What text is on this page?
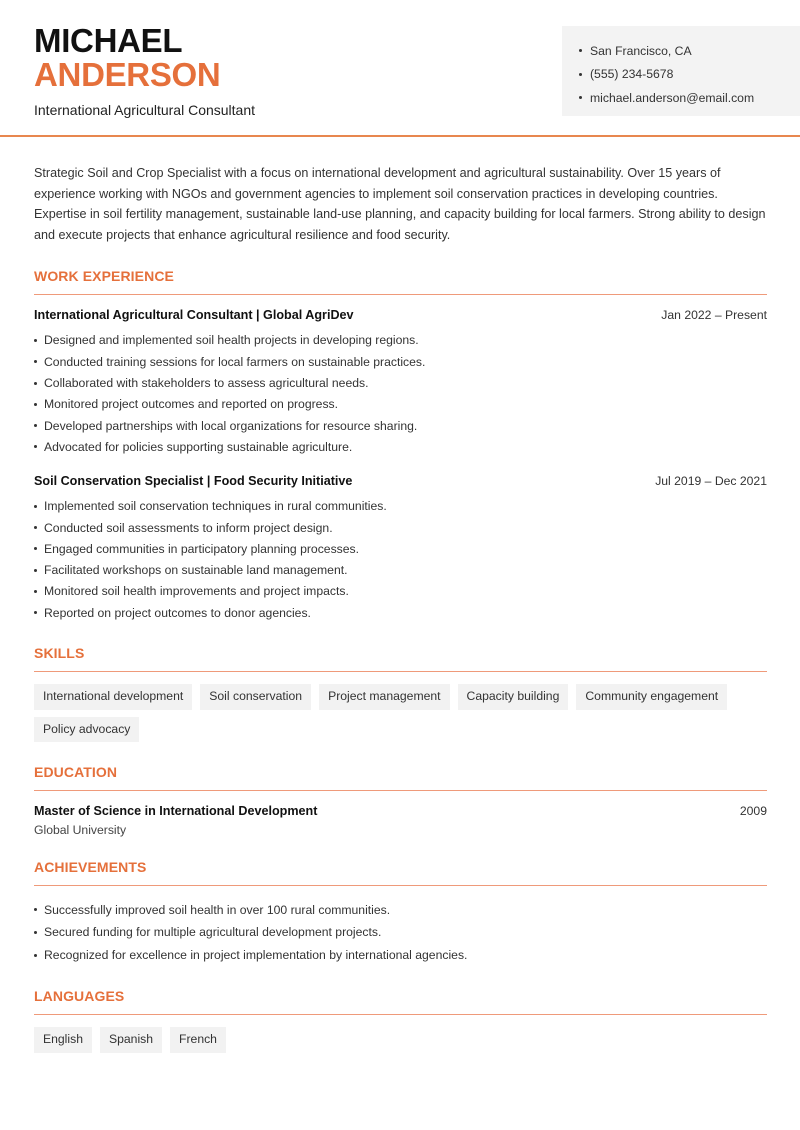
MICHAEL
ANDERSON
International Agricultural Consultant
San Francisco, CA
(555) 234-5678
michael.anderson@email.com

Strategic Soil and Crop Specialist with a focus on international development and agricultural sustainability. Over 15 years of experience working with NGOs and government agencies to implement soil conservation practices in developing countries. Expertise in soil fertility management, sustainable land-use planning, and capacity building for local farmers. Strong ability to design and execute projects that enhance agricultural resilience and food security.

WORK EXPERIENCE
International Agricultural Consultant | Global AgriDev	Jan 2022 – Present
Designed and implemented soil health projects in developing regions.
Conducted training sessions for local farmers on sustainable practices.
Collaborated with stakeholders to assess agricultural needs.
Monitored project outcomes and reported on progress.
Developed partnerships with local organizations for resource sharing.
Advocated for policies supporting sustainable agriculture.
Soil Conservation Specialist | Food Security Initiative	Jul 2019 – Dec 2021
Implemented soil conservation techniques in rural communities.
Conducted soil assessments to inform project design.
Engaged communities in participatory planning processes.
Facilitated workshops on sustainable land management.
Monitored soil health improvements and project impacts.
Reported on project outcomes to donor agencies.
SKILLS
International development	Soil conservation	Project management	Capacity building	Community engagement
Policy advocacy
EDUCATION
Master of Science in International Development	2009
Global University
ACHIEVEMENTS
Successfully improved soil health in over 100 rural communities.
Secured funding for multiple agricultural development projects.
Recognized for excellence in project implementation by international agencies.
LANGUAGES
English	Spanish	French
